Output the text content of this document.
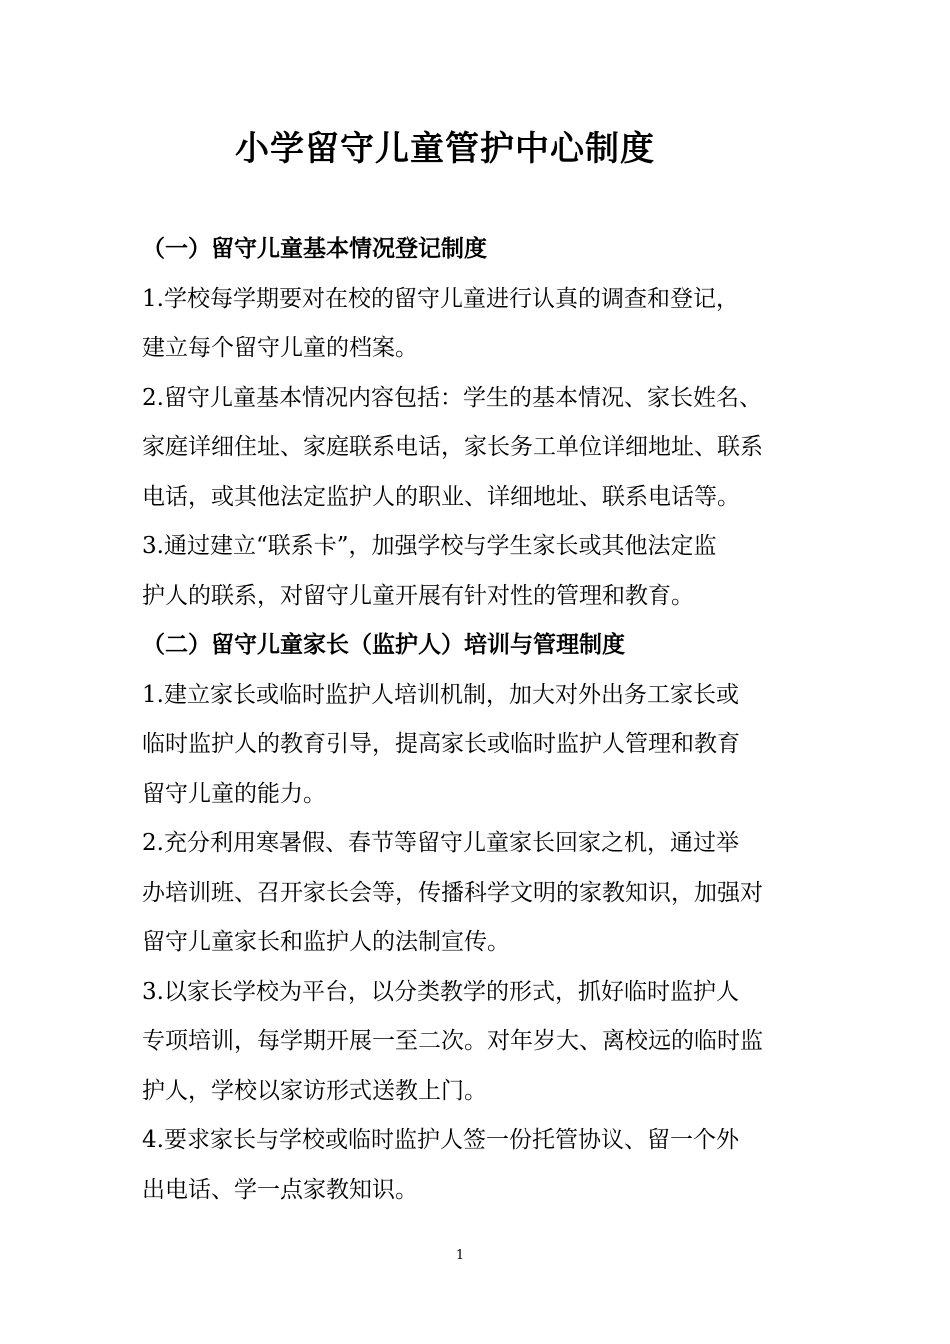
小学留守儿童管护中心制度
（一）留守儿童基本情况登记制度
1.学校每学期要对在校的留守儿童进行认真的调查和登记，
建立每个留守儿童的档案。
2.留守儿童基本情况内容包括：学生的基本情况、家长姓名、
家庭详细住址、家庭联系电话，家长务工单位详细地址、联系
电话，或其他法定监护人的职业、详细地址、联系电话等。
3.通过建立“联系卡”，加强学校与学生家长或其他法定监
护人的联系，对留守儿童开展有针对性的管理和教育。
（二）留守儿童家长（监护人）培训与管理制度
1.建立家长或临时监护人培训机制，加大对外出务工家长或
临时监护人的教育引导，提高家长或临时监护人管理和教育
留守儿童的能力。
2.充分利用寒暑假、春节等留守儿童家长回家之机，通过举
办培训班、召开家长会等，传播科学文明的家教知识，加强对
留守儿童家长和监护人的法制宣传。
3.以家长学校为平台，以分类教学的形式，抓好临时监护人
专项培训，每学期开展一至二次。对年岁大、离校远的临时监
护人，学校以家访形式送教上门。
4.要求家长与学校或临时监护人签一份托管协议、留一个外
出电话、学一点家教知识。
1
